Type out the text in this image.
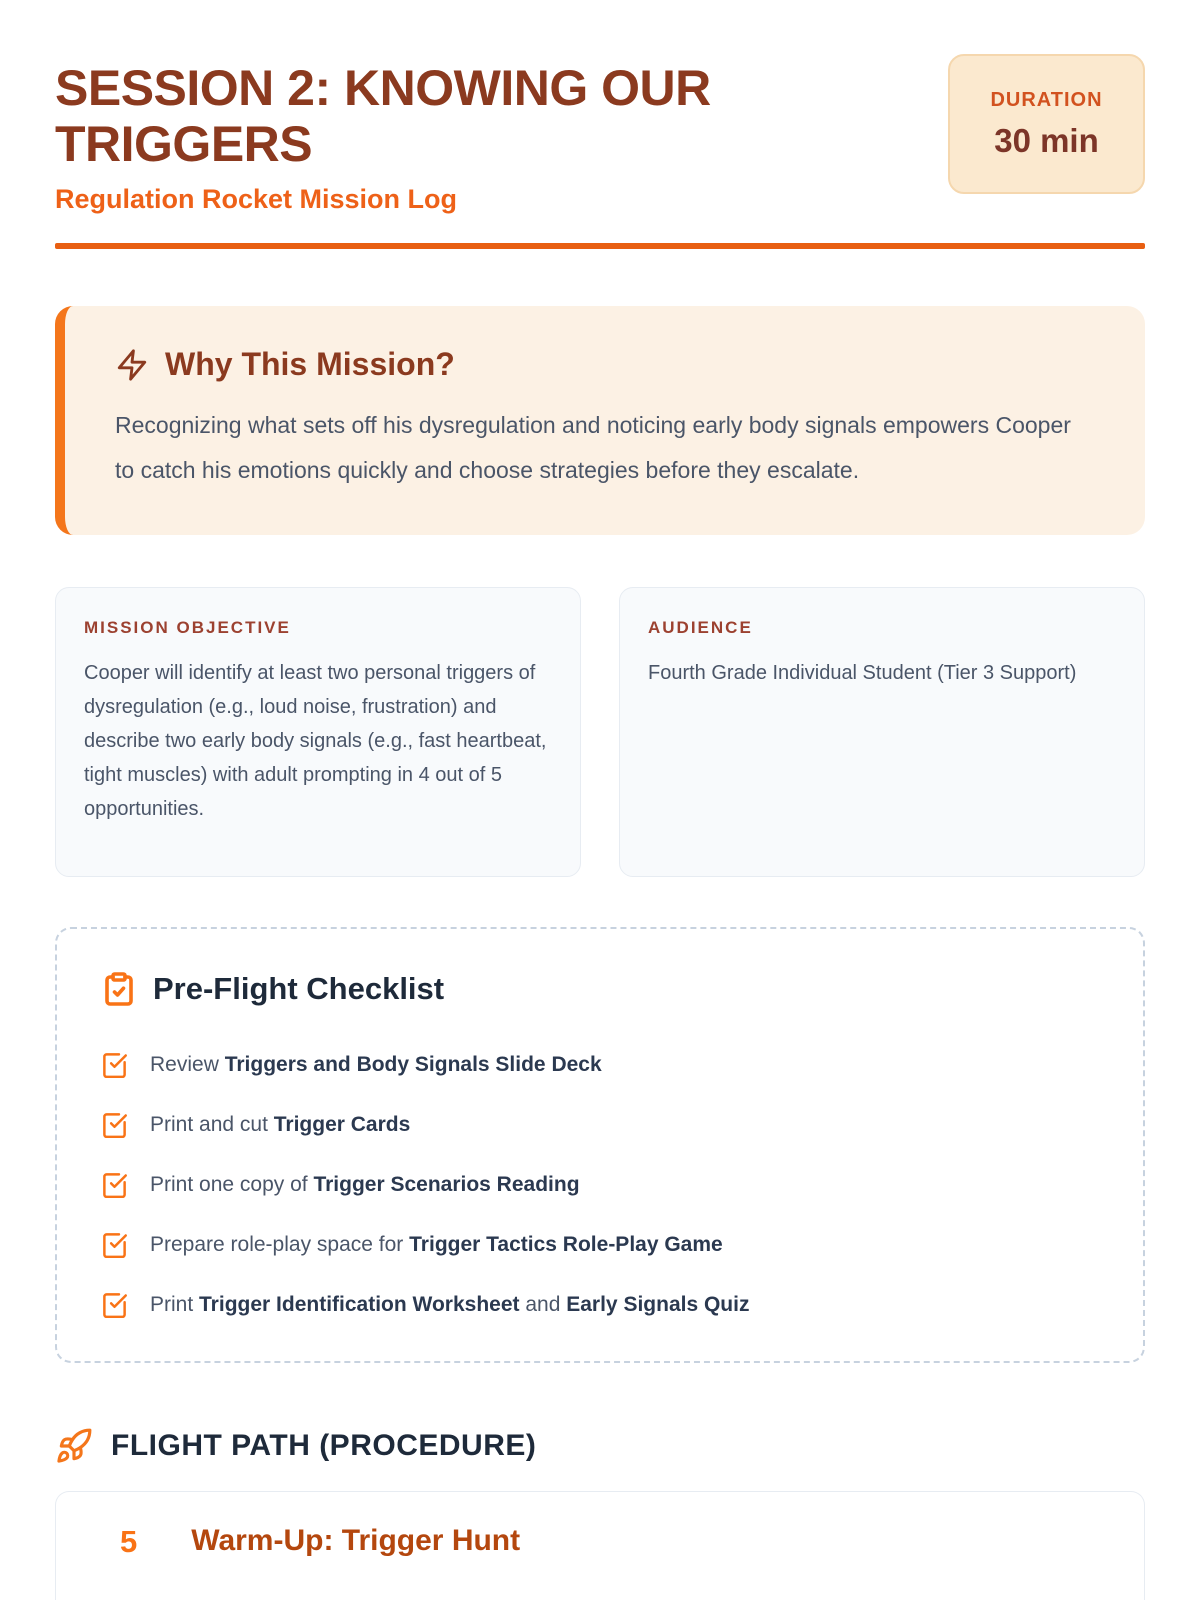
SESSION 2: KNOWING OUR TRIGGERS
Regulation Rocket Mission Log
DURATION
30 min
Why This Mission?

Recognizing what sets off his dysregulation and noticing early body signals empowers Cooper to catch his emotions quickly and choose strategies before they escalate.

MISSION OBJECTIVE

Cooper will identify at least two personal triggers of dysregulation (e.g., loud noise, frustration) and describe two early body signals (e.g., fast heartbeat, tight muscles) with adult prompting in 4 out of 5 opportunities.

AUDIENCE

Fourth Grade Individual Student (Tier 3 Support)

Pre-Flight Checklist
Review Triggers and Body Signals Slide Deck
Print and cut Trigger Cards
Print one copy of Trigger Scenarios Reading
Prepare role-play space for Trigger Tactics Role-Play Game
Print Trigger Identification Worksheet and Early Signals Quiz
FLIGHT PATH (PROCEDURE)
5 Warm-Up: Trigger Hunt
